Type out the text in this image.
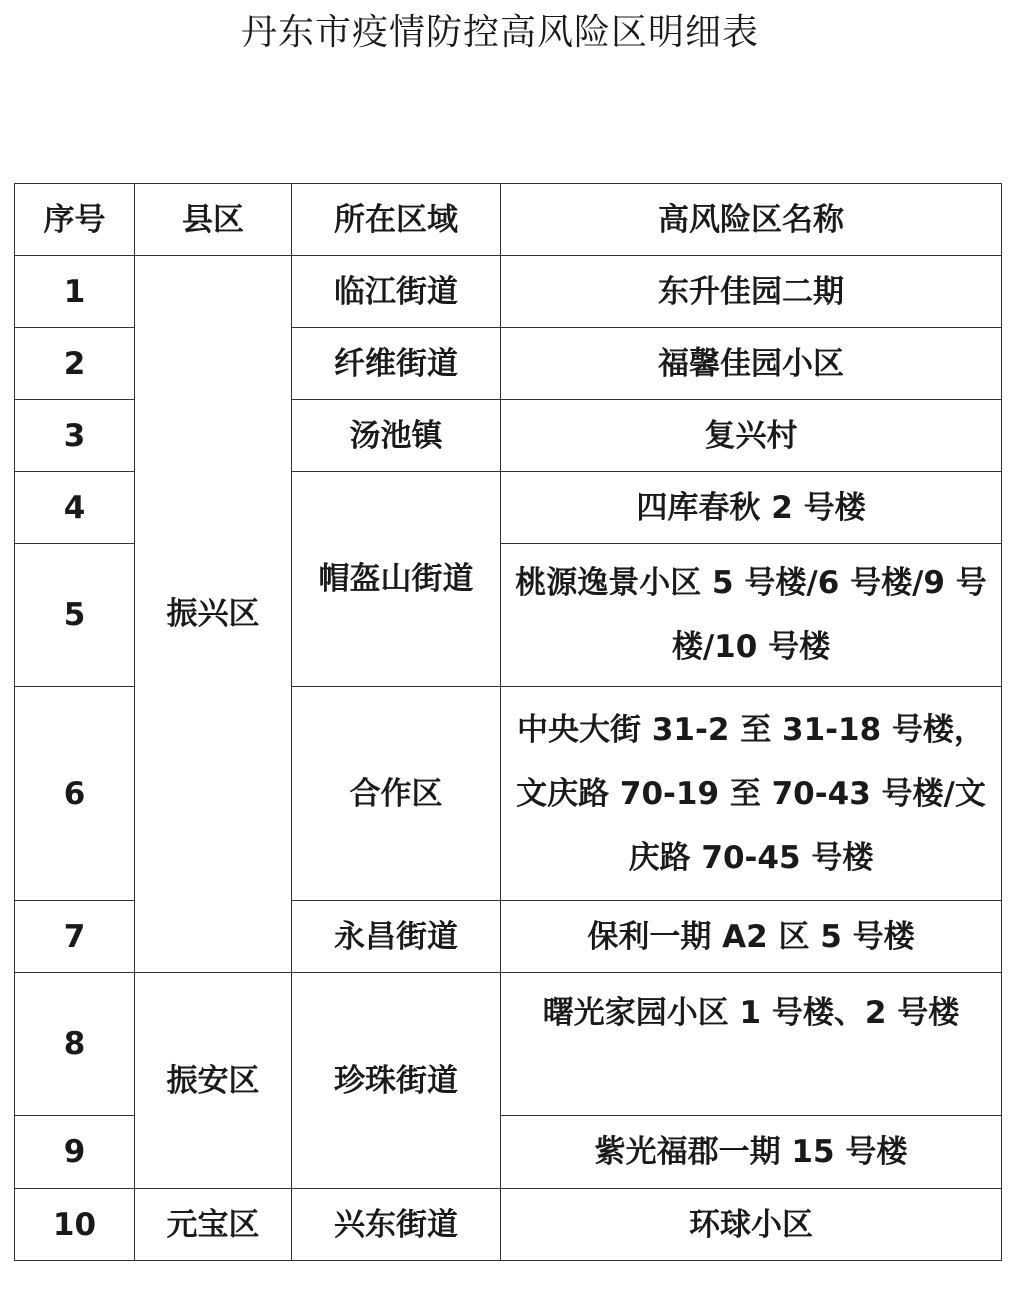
丹东市疫情防控高风险区明细表
序号	县区	所在区域	高风险区名称
1	振兴区	临江街道	东升佳园二期
2		纤维街道	福馨佳园小区
3		汤池镇	复兴村
4		帽盔山街道	四库春秋 2 号楼
5			桃源逸景小区 5 号楼/6 号楼/9 号楼/10 号楼
6		合作区	中央大街 31-2 至 31-18 号楼，文庆路 70-19 至 70-43 号楼/文庆路 70-45 号楼
7		永昌街道	保利一期 A2 区 5 号楼
8	振安区	珍珠街道	曙光家园小区 1 号楼、2 号楼
9			紫光福郡一期 15 号楼
10	元宝区	兴东街道	环球小区
